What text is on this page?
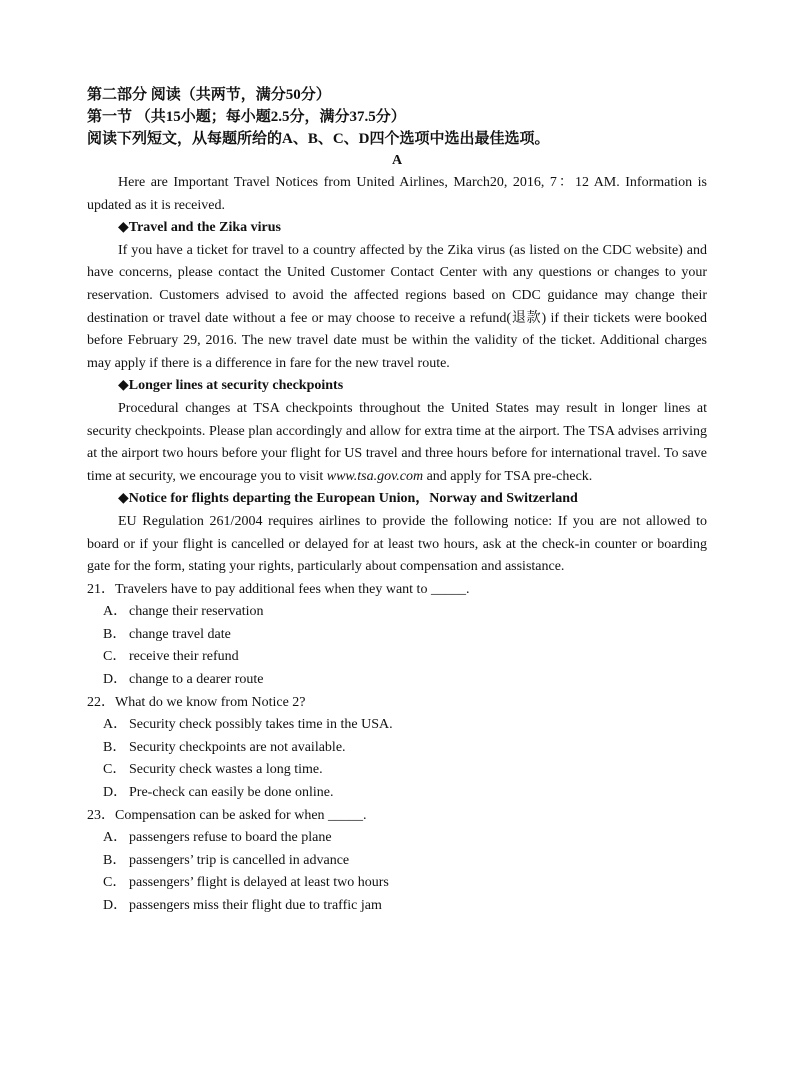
第二部分 阅读（共两节，满分50分）

第一节 （共15小题；每小题2.5分，满分37.5分）

阅读下列短文，从每题所给的A、B、C、D四个选项中选出最佳选项。

A

Here are Important Travel Notices from United Airlines, March20, 2016, 7：12 AM. Information is updated as it is received.

◆Travel and the Zika virus

If you have a ticket for travel to a country affected by the Zika virus (as listed on the CDC website) and have concerns, please contact the United Customer Contact Center with any questions or changes to your reservation. Customers advised to avoid the affected regions based on CDC guidance may change their destination or travel date without a fee or may choose to receive a refund(退款) if their tickets were booked before February 29, 2016. The new travel date must be within the validity of the ticket. Additional charges may apply if there is a difference in fare for the new travel route.

◆Longer lines at security checkpoints

Procedural changes at TSA checkpoints throughout the United States may result in longer lines at security checkpoints. Please plan accordingly and allow for extra time at the airport. The TSA advises arriving at the airport two hours before your flight for US travel and three hours before for international travel. To save time at security, we encourage you to visit www.tsa.gov.com and apply for TSA pre-check.

◆Notice for flights departing the European Union，Norway and Switzerland

EU Regulation 261/2004 requires airlines to provide the following notice: If you are not allowed to board or if your flight is cancelled or delayed for at least two hours, ask at the check-in counter or boarding gate for the form, stating your rights, particularly about compensation and assistance.

21．Travelers have to pay additional fees when they want to _____.

A． change their reservation

B． change travel date

C． receive their refund

D． change to a dearer route

22．What do we know from Notice 2?

A． Security check possibly takes time in the USA.

B． Security checkpoints are not available.

C． Security check wastes a long time.

D． Pre-check can easily be done online.

23．Compensation can be asked for when _____.

A． passengers refuse to board the plane

B． passengers’ trip is cancelled in advance

C． passengers’ flight is delayed at least two hours

D． passengers miss their flight due to traffic jam
